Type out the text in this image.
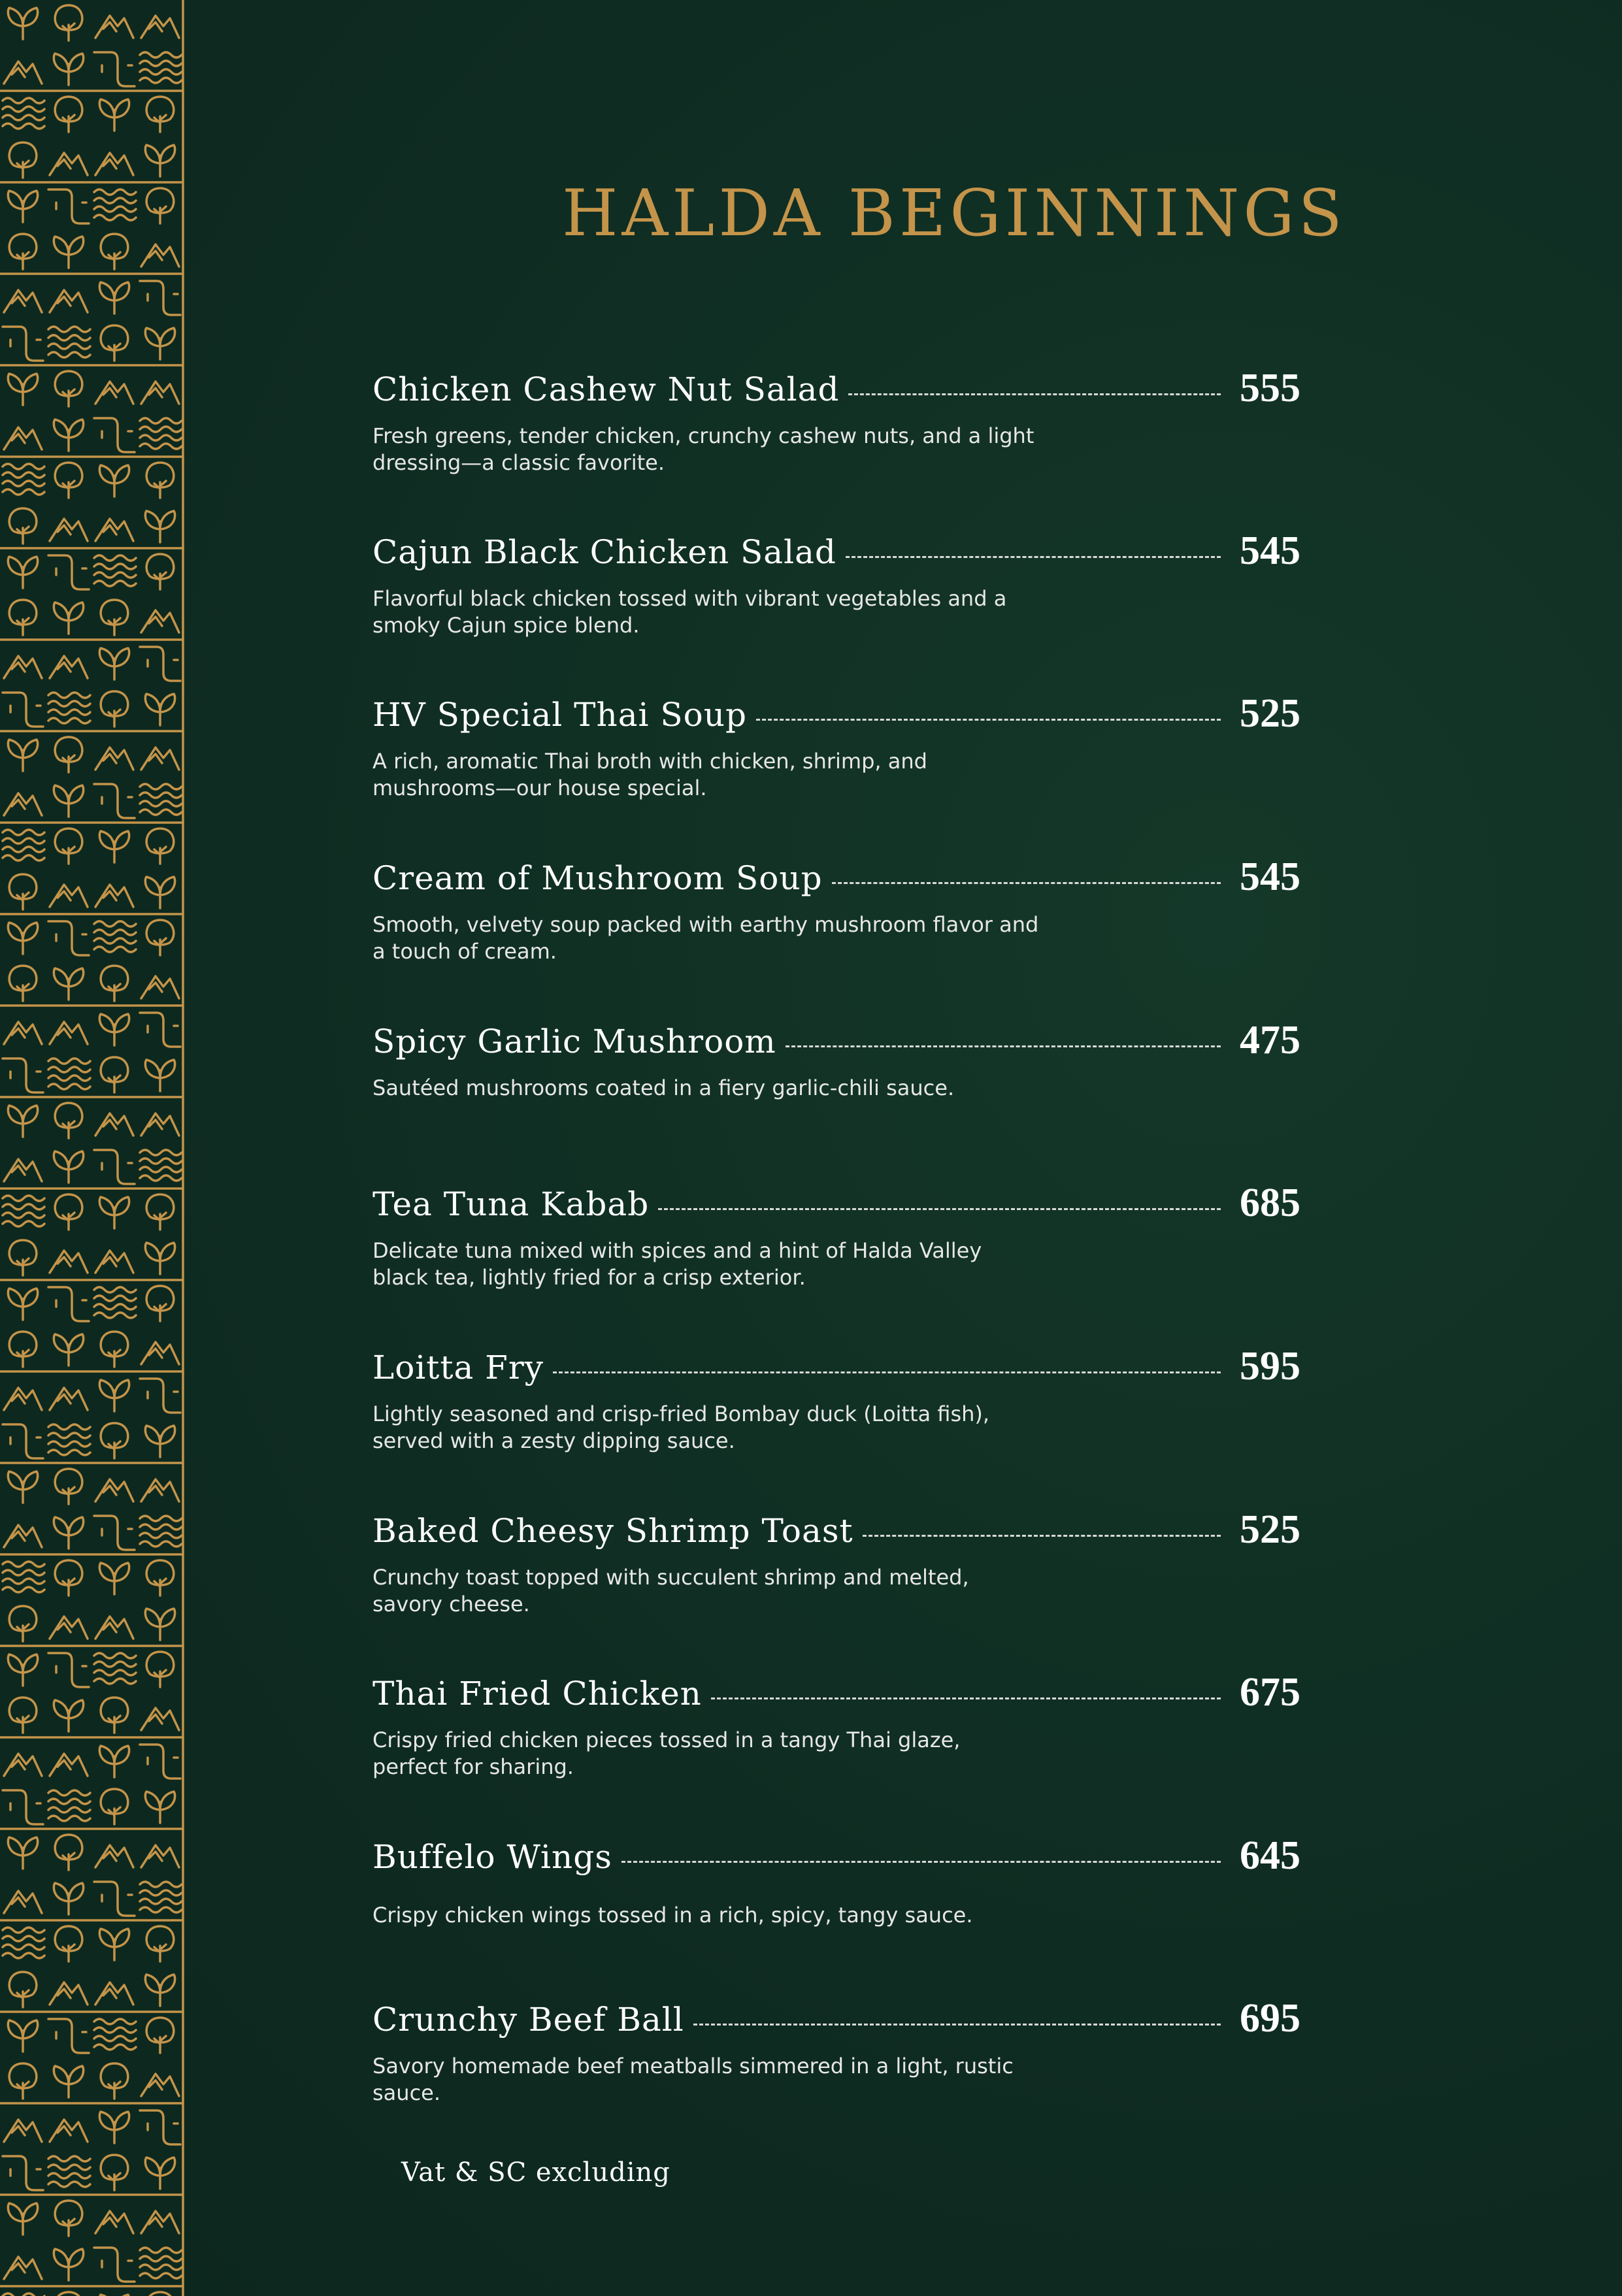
HALDA BEGINNINGS
Chicken Cashew Nut Salad	555
Fresh greens, tender chicken, crunchy cashew nuts, and a light dressing—a classic favorite.
Cajun Black Chicken Salad	545
Flavorful black chicken tossed with vibrant vegetables and a smoky Cajun spice blend.
HV Special Thai Soup	525
A rich, aromatic Thai broth with chicken, shrimp, and mushrooms—our house special.
Cream of Mushroom Soup	545
Smooth, velvety soup packed with earthy mushroom flavor and a touch of cream.
Spicy Garlic Mushroom	475
Sautéed mushrooms coated in a fiery garlic-chili sauce.
Tea Tuna Kabab	685
Delicate tuna mixed with spices and a hint of Halda Valley black tea, lightly fried for a crisp exterior.
Loitta Fry	595
Lightly seasoned and crisp-fried Bombay duck (Loitta fish), served with a zesty dipping sauce.
Baked Cheesy Shrimp Toast	525
Crunchy toast topped with succulent shrimp and melted, savory cheese.
Thai Fried Chicken	675
Crispy fried chicken pieces tossed in a tangy Thai glaze, perfect for sharing.
Buffelo Wings	645
Crispy chicken wings tossed in a rich, spicy, tangy sauce.
Crunchy Beef Ball	695
Savory homemade beef meatballs simmered in a light, rustic sauce.
Vat & SC excluding
